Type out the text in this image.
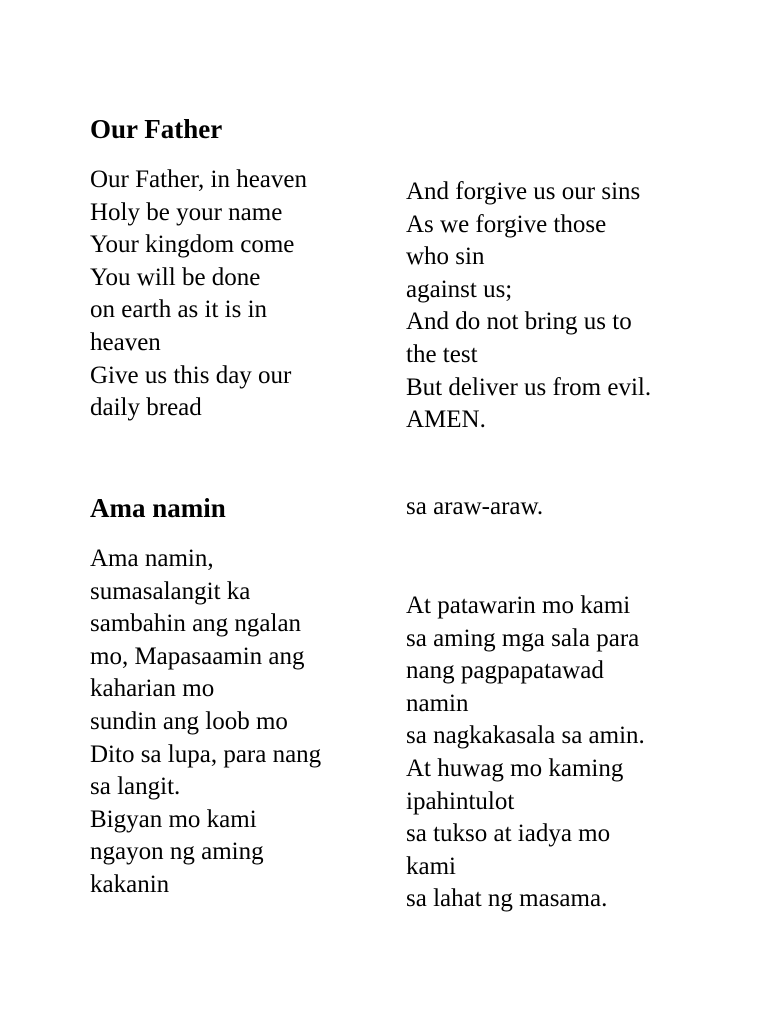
Our Father
Our Father, in heaven
Holy be your name
Your kingdom come
You will be done
on earth as it is in
heaven
Give us this day our
daily bread
And forgive us our sins
As we forgive those
who sin
against us;
And do not bring us to
the test
But deliver us from evil.
AMEN.
Ama namin	sa araw-araw.
Ama namin,
sumasalangit ka
sambahin ang ngalan
mo, Mapasaamin ang
kaharian mo
sundin ang loob mo
Dito sa lupa, para nang
sa langit.
Bigyan mo kami
ngayon ng aming
kakanin
At patawarin mo kami
sa aming mga sala para
nang pagpapatawad
namin
sa nagkakasala sa amin.
At huwag mo kaming
ipahintulot
sa tukso at iadya mo
kami
sa lahat ng masama.
